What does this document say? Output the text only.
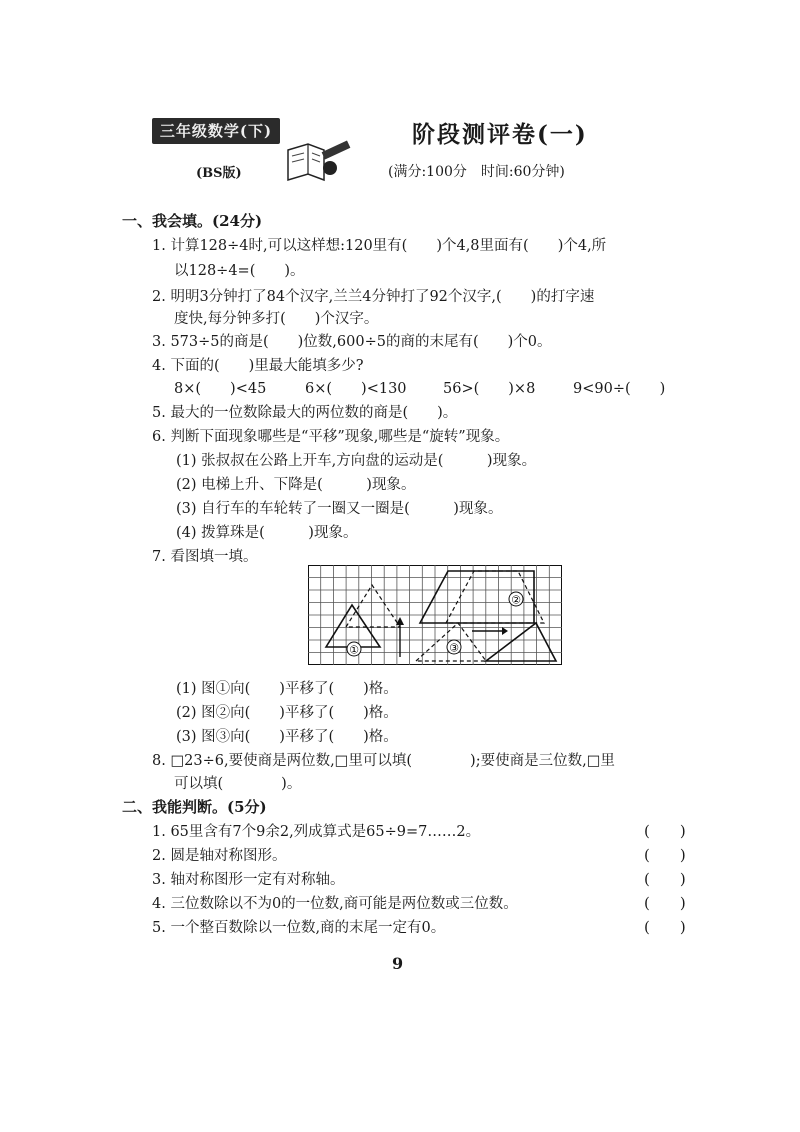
三年级数学(下)
(BS版)
阶段测评卷(一)
(满分:100分　时间:60分钟)
一、我会填。(24分)
1. 计算128÷4时,可以这样想:120里有(　　)个4,8里面有(　　)个4,所
以128÷4=(　　)。
2. 明明3分钟打了84个汉字,兰兰4分钟打了92个汉字,(　　)的打字速
度快,每分钟多打(　　)个汉字。
3. 573÷5的商是(　　)位数,600÷5的商的末尾有(　　)个0。
4. 下面的(　　)里最大能填多少?
8×(　　)<45	6×(　　)<130	56>(　　)×8	9<90÷(　　)
5. 最大的一位数除最大的两位数的商是(　　)。
6. 判断下面现象哪些是“平移”现象,哪些是“旋转”现象。
(1) 张叔叔在公路上开车,方向盘的运动是(　　　)现象。
(2) 电梯上升、下降是(　　　)现象。
(3) 自行车的车轮转了一圈又一圈是(　　　)现象。
(4) 拨算珠是(　　　)现象。
7. 看图填一填。
①
②
③
(1) 图①向(　　)平移了(　　)格。
(2) 图②向(　　)平移了(　　)格。
(3) 图③向(　　)平移了(　　)格。
8. □23÷6,要使商是两位数,□里可以填(　　　　);要使商是三位数,□里
可以填(　　　　)。
二、我能判断。(5分)
1. 65里含有7个9余2,列成算式是65÷9=7……2。	(　　)
2. 圆是轴对称图形。	(　　)
3. 轴对称图形一定有对称轴。	(　　)
4. 三位数除以不为0的一位数,商可能是两位数或三位数。	(　　)
5. 一个整百数除以一位数,商的末尾一定有0。	(　　)
9
